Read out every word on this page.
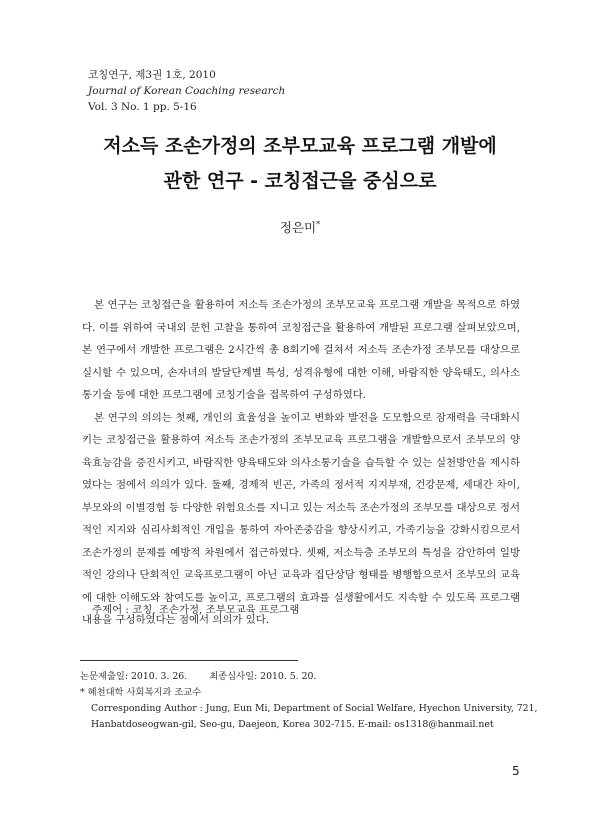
코칭연구, 제3권 1호, 2010
Journal of Korean Coaching research
Vol. 3 No. 1 pp. 5-16
저소득 조손가정의 조부모교육 프로그램 개발에
관한 연구 - 코칭접근을 중심으로
정은미*

본 연구는 코칭접근을 활용하여 저소득 조손가정의 조부모교육 프로그램 개발을 목적으로 하였다. 이를 위하여 국내외 문헌 고찰을 통하여 코칭접근을 활용하여 개발된 프로그램 살펴보았으며, 본 연구에서 개발한 프로그램은 2시간씩 총 8회기에 걸쳐서 저소득 조손가정 조부모를 대상으로 실시할 수 있으며, 손자녀의 발달단계별 특성, 성격유형에 대한 이해, 바람직한 양육태도, 의사소통기술 등에 대한 프로그램에 코칭기술을 접목하여 구성하였다.

본 연구의 의의는 첫째, 개인의 효율성을 높이고 변화와 발전을 도모함으로 잠재력을 극대화시키는 코칭접근을 활용하여 저소득 조손가정의 조부모교육 프로그램을 개발함으로서 조부모의 양육효능감을 증진시키고, 바람직한 양육태도와 의사소통기술을 습득할 수 있는 실천방안을 제시하였다는 점에서 의의가 있다. 둘째, 경제적 빈곤, 가족의 정서적 지지부재, 건강문제, 세대간 차이, 부모와의 이별경험 등 다양한 위험요소를 지니고 있는 저소득 조손가정의 조부모를 대상으로 정서적인 지지와 심리사회적인 개입을 통하여 자아존중감을 향상시키고, 가족기능을 강화시킴으로서 조손가정의 문제를 예방적 차원에서 접근하였다. 셋째, 저소득층 조부모의 특성을 감안하여 일방적인 강의나 단회적인 교육프로그램이 아닌 교육과 집단상담 형태를 병행함으로서 조부모의 교육에 대한 이해도와 참여도를 높이고, 프로그램의 효과를 실생활에서도 지속할 수 있도록 프로그램 내용을 구성하였다는 점에서 의의가 있다.

주제어 : 코칭, 조손가정, 조부모교육 프로그램
논문제출일: 2010. 3. 26. 최종심사일: 2010. 5. 20.
* 혜천대학 사회복지과 조교수
Corresponding Author : Jung, Eun Mi, Department of Social Welfare, Hyechon University, 721,
Hanbatdoseogwan-gil, Seo-gu, Daejeon, Korea 302-715. E-mail: os1318@hanmail.net
5
